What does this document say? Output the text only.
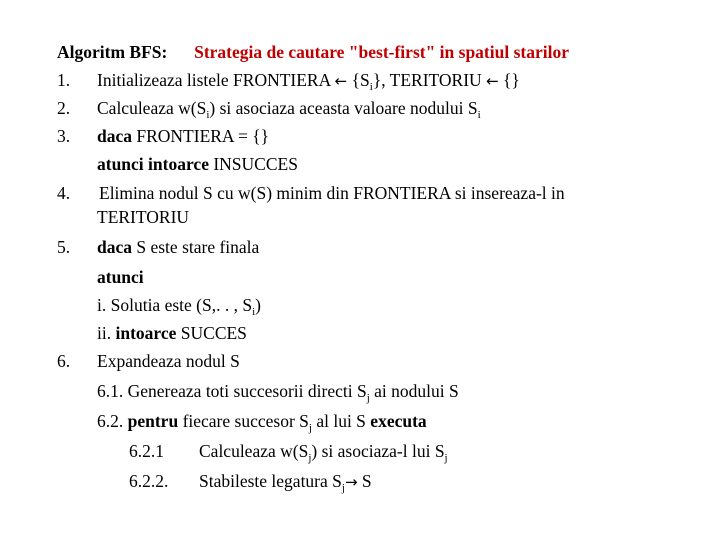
Algoritm BFS: Strategia de cautare "best-first" in spatiul starilor
1. Initializeaza listele FRONTIERA ← $\{S_i\}$, TERITORIU ← {}
2. Calculeaza $w(S_i)$ si asociaza aceasta valoare nodului $S_i$
3. daca FRONTIERA = {}
atunci intoarce INSUCCES
4. Elimina nodul S cu w(S) minim din FRONTIERA si insereaza-l in
TERITORIU
5. daca S este stare finala
atunci
i. Solutia este (S,. . , $S_i$)
ii. intoarce SUCCES
6. Expandeaza nodul S
6.1. Genereaza toti succesorii directi $S_j$ ai nodului S
6.2. pentru fiecare succesor $S_j$ al lui S executa
6.2.1 Calculeaza $w(S_j)$ si asociaza-l lui $S_j$
6.2.2. Stabileste legatura $S_j\to S$
